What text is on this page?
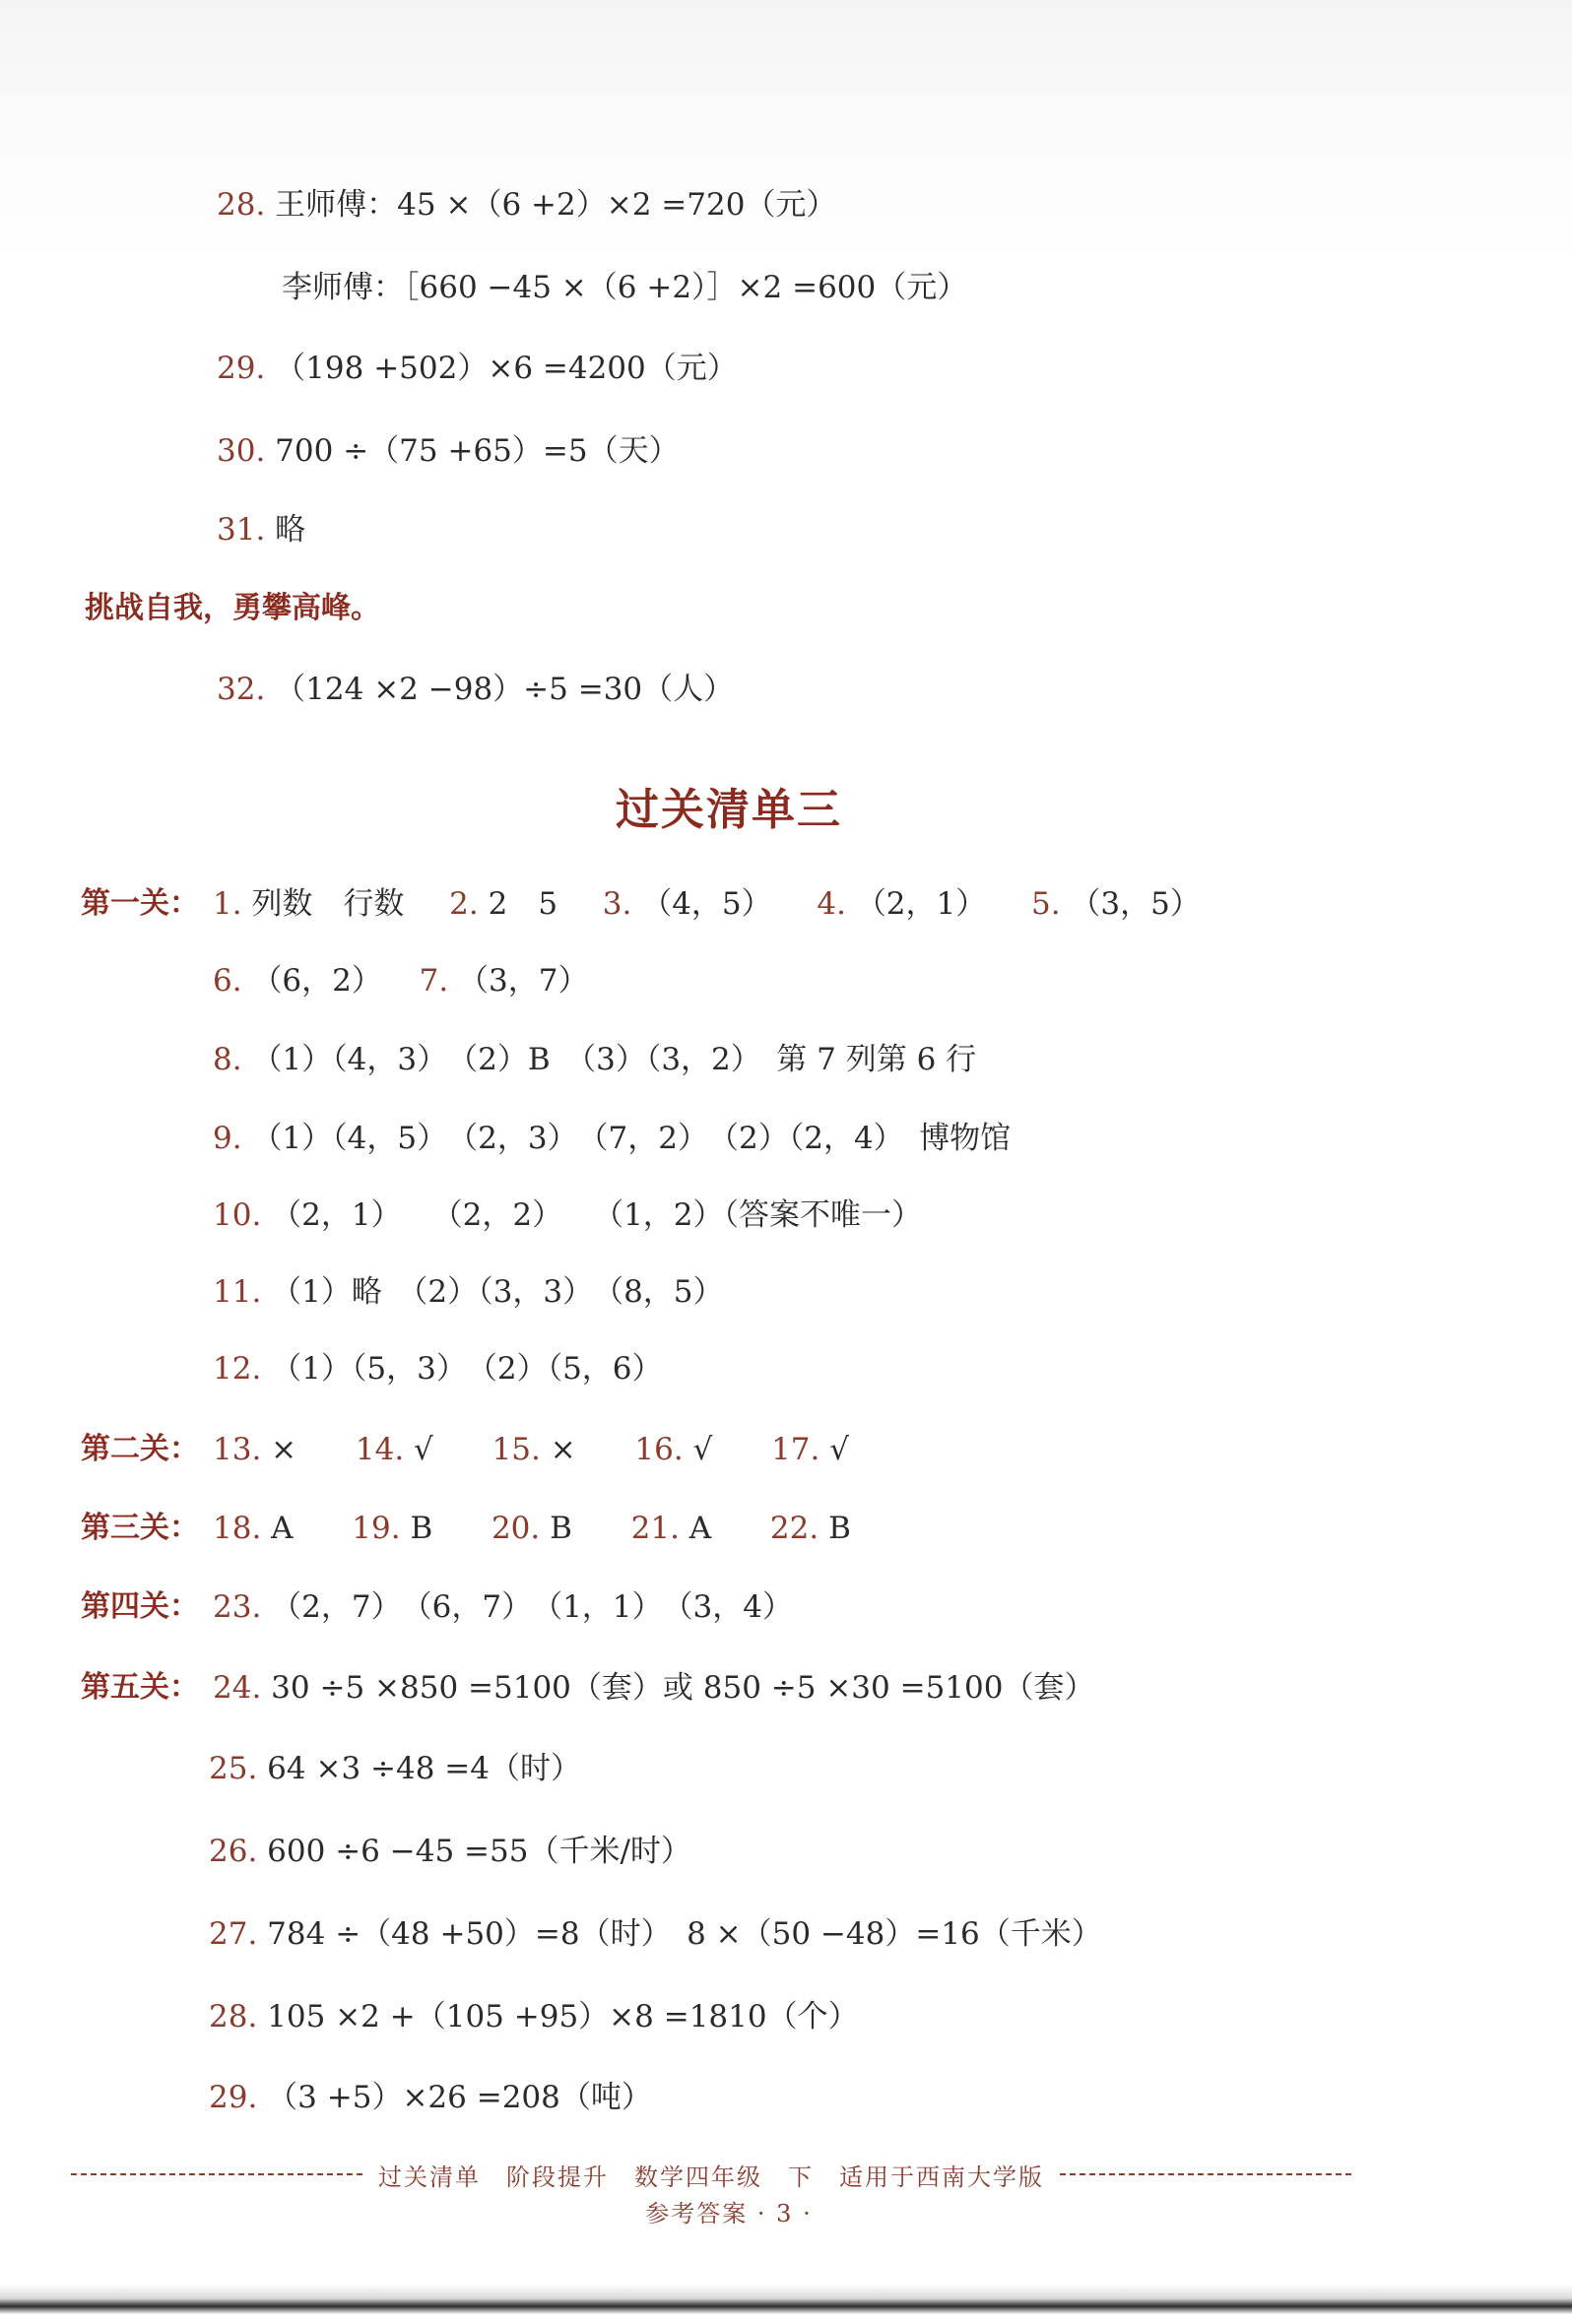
28. 王师傅：45 ×（6 +2）×2 =720（元）
李师傅：［660 −45 ×（6 +2）］×2 =600（元）
29. （198 +502）×6 =4200（元）
30. 700 ÷（75 +65）=5（天）
31. 略
挑战自我，勇攀高峰。
32. （124 ×2 −98）÷5 =30（人）
过关清单三
第一关： 1. 列数　行数 2. 2　5 3. （4，5） 4. （2，1） 5. （3，5）
6. （6，2） 7. （3，7）
8. （1）（4，3）　（2）B　（3）（3，2）　第 7 列第 6 行
9. （1）（4，5）　（2，3）　（7，2）　（2）（2，4）　博物馆
10. （2，1）　　（2，2）　　（1，2）（答案不唯一）
11. （1）略　（2）（3，3）　（8，5）
12. （1）（5，3）　（2）（5，6）
第二关： 13. × 14. √ 15. × 16. √ 17. √
第三关： 18. A 19. B 20. B 21. A 22. B
第四关： 23. （2，7）　（6，7）　（1，1）　（3，4）
第五关： 24. 30 ÷5 ×850 =5100（套）或 850 ÷5 ×30 =5100（套）
25. 64 ×3 ÷48 =4（时）
26. 600 ÷6 −45 =55（千米/时）
27. 784 ÷（48 +50）=8（时）　8 ×（50 −48）=16（千米）
28. 105 ×2 +（105 +95）×8 =1810（个）
29. （3 +5）×26 =208（吨）
过关清单　阶段提升　数学四年级　下　适用于西南大学版
参考答案 · 3 ·
